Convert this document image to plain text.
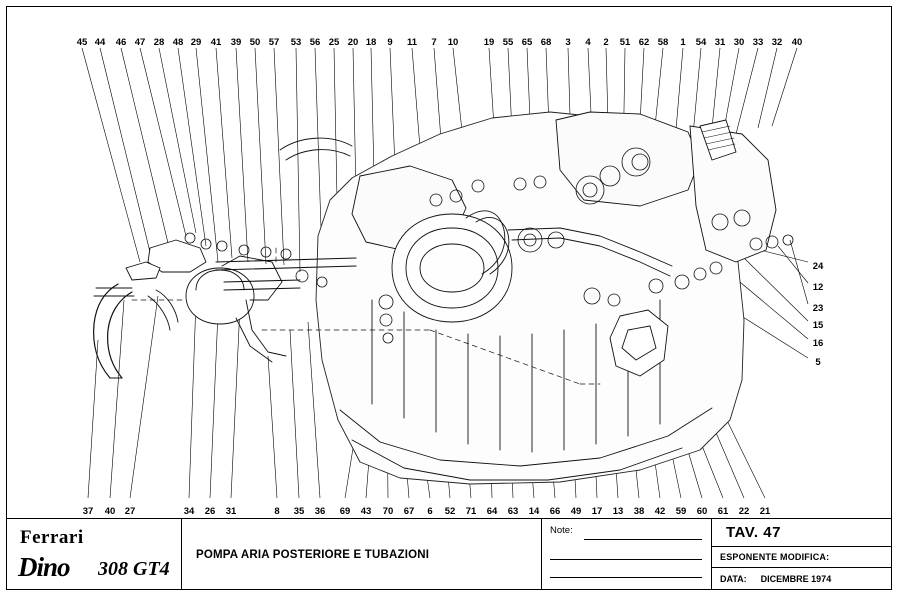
Ferrari
Dino 308 GT4
POMPA ARIA POSTERIORE E TUBAZIONI
Note:	TAV. 47
ESPONENTE MODIFICA:
DATA: DICEMBRE 1974
45 44 46 47 28 48 29 41 39 50 57 53 56 25 20 18 9 11 7 10	19 55 65 68 3 4 2 51 62 58 1 54 31 30 33 32 40
24
12
23
15
16
5
37 40 27	34 26 31	8 35 36 69 43 70 67 6 52 71 64 63 14 66 49 17 13 38 42 59 60 61 22 21
